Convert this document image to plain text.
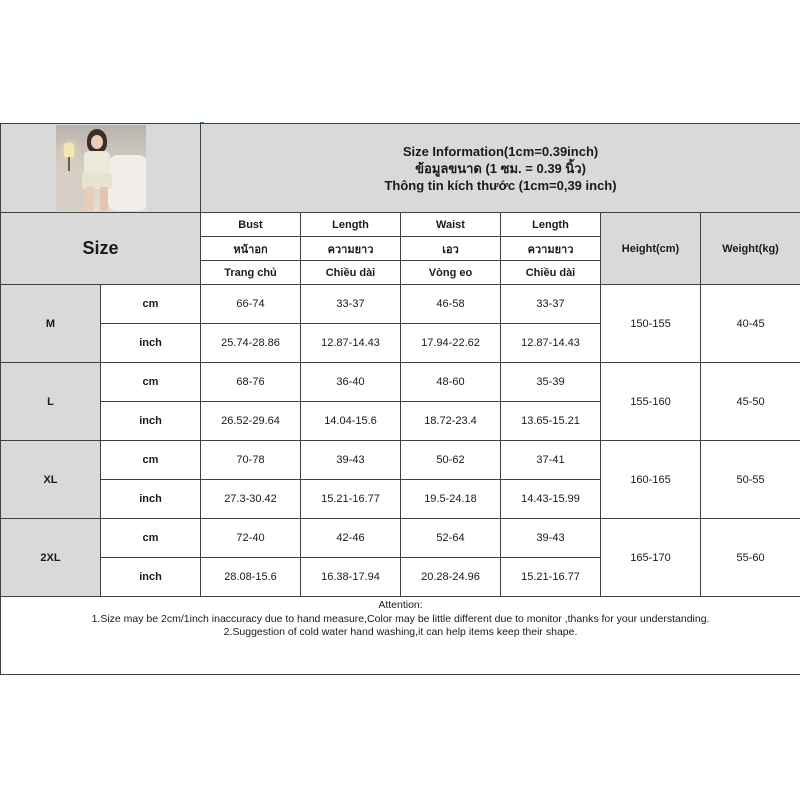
		Size Information(1cm=0.39inch)
ข้อมูลขนาด (1 ซม. = 0.39 นิ้ว)
Thông tin kích thước (1cm=0,39 inch)					

Size		Bust	Length	Waist	Length	Height(cm)	Weight(kg)
		หน้าอก	ความยาว	เอว	ความยาว		
		Trang chủ	Chiều dài	Vòng eo	Chiều dài		
M	cm	66-74	33-37	46-58	33-37	150-155	40-45
	inch	25.74-28.86	12.87-14.43	17.94-22.62	12.87-14.43		
L	cm	68-76	36-40	48-60	35-39	155-160	45-50
	inch	26.52-29.64	14.04-15.6	18.72-23.4	13.65-15.21		
XL	cm	70-78	39-43	50-62	37-41	160-165	50-55
	inch	27.3-30.42	15.21-16.77	19.5-24.18	14.43-15.99		
2XL	cm	72-40	42-46	52-64	39-43	165-170	55-60
	inch	28.08-15.6	16.38-17.94	20.28-24.96	15.21-16.77		

Attention:
1.Size may be 2cm/1inch inaccuracy due to hand measure,Color may be little different due to monitor ,thanks for your understanding.
2.Suggestion of cold water hand washing,it can help items keep their shape.							
